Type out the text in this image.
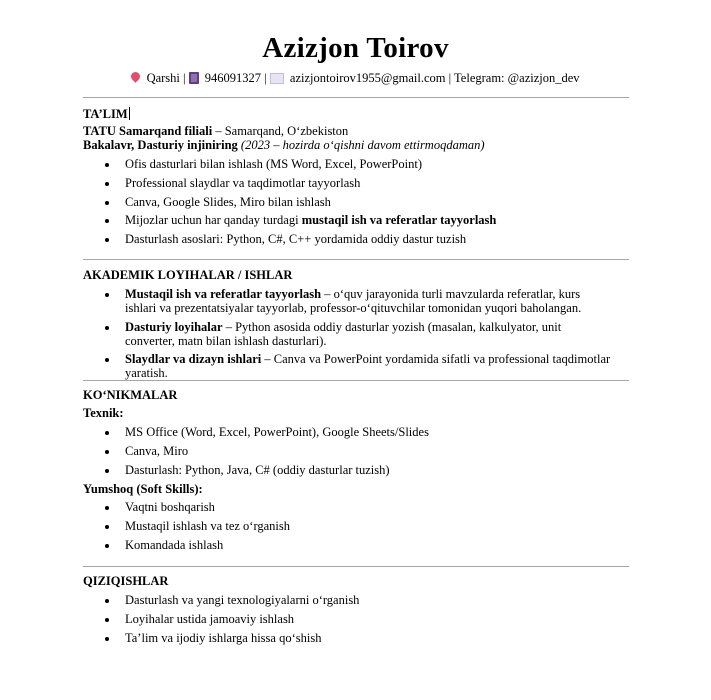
Azizjon Toirov
Qarshi |  946091327 |  azizjontoirov1955@gmail.com | Telegram: @azizjon_dev
TA’LIM
TATU Samarqand filiali – Samarqand, O‘zbekiston
Bakalavr, Dasturiy injiniring (2023 – hozirda o‘qishni davom ettirmoqdaman)
Ofis dasturlari bilan ishlash (MS Word, Excel, PowerPoint)
Professional slaydlar va taqdimotlar tayyorlash
Canva, Google Slides, Miro bilan ishlash
Mijozlar uchun har qanday turdagi mustaqil ish va referatlar tayyorlash
Dasturlash asoslari: Python, C#, C++ yordamida oddiy dastur tuzish
AKADEMIK LOYIHALAR / ISHLAR
Mustaqil ish va referatlar tayyorlash – o‘quv jarayonida turli mavzularda referatlar, kurs ishlari va prezentatsiyalar tayyorlab, professor-o‘qituvchilar tomonidan yuqori baholangan.
Dasturiy loyihalar – Python asosida oddiy dasturlar yozish (masalan, kalkulyator, unit converter, matn bilan ishlash dasturlari).
Slaydlar va dizayn ishlari – Canva va PowerPoint yordamida sifatli va professional taqdimotlar yaratish.
KO‘NIKMALAR
Texnik:
MS Office (Word, Excel, PowerPoint), Google Sheets/Slides
Canva, Miro
Dasturlash: Python, Java, C# (oddiy dasturlar tuzish)
Yumshoq (Soft Skills):
Vaqtni boshqarish
Mustaqil ishlash va tez o‘rganish
Komandada ishlash
QIZIQISHLAR
Dasturlash va yangi texnologiyalarni o‘rganish
Loyihalar ustida jamoaviy ishlash
Ta’lim va ijodiy ishlarga hissa qo‘shish
